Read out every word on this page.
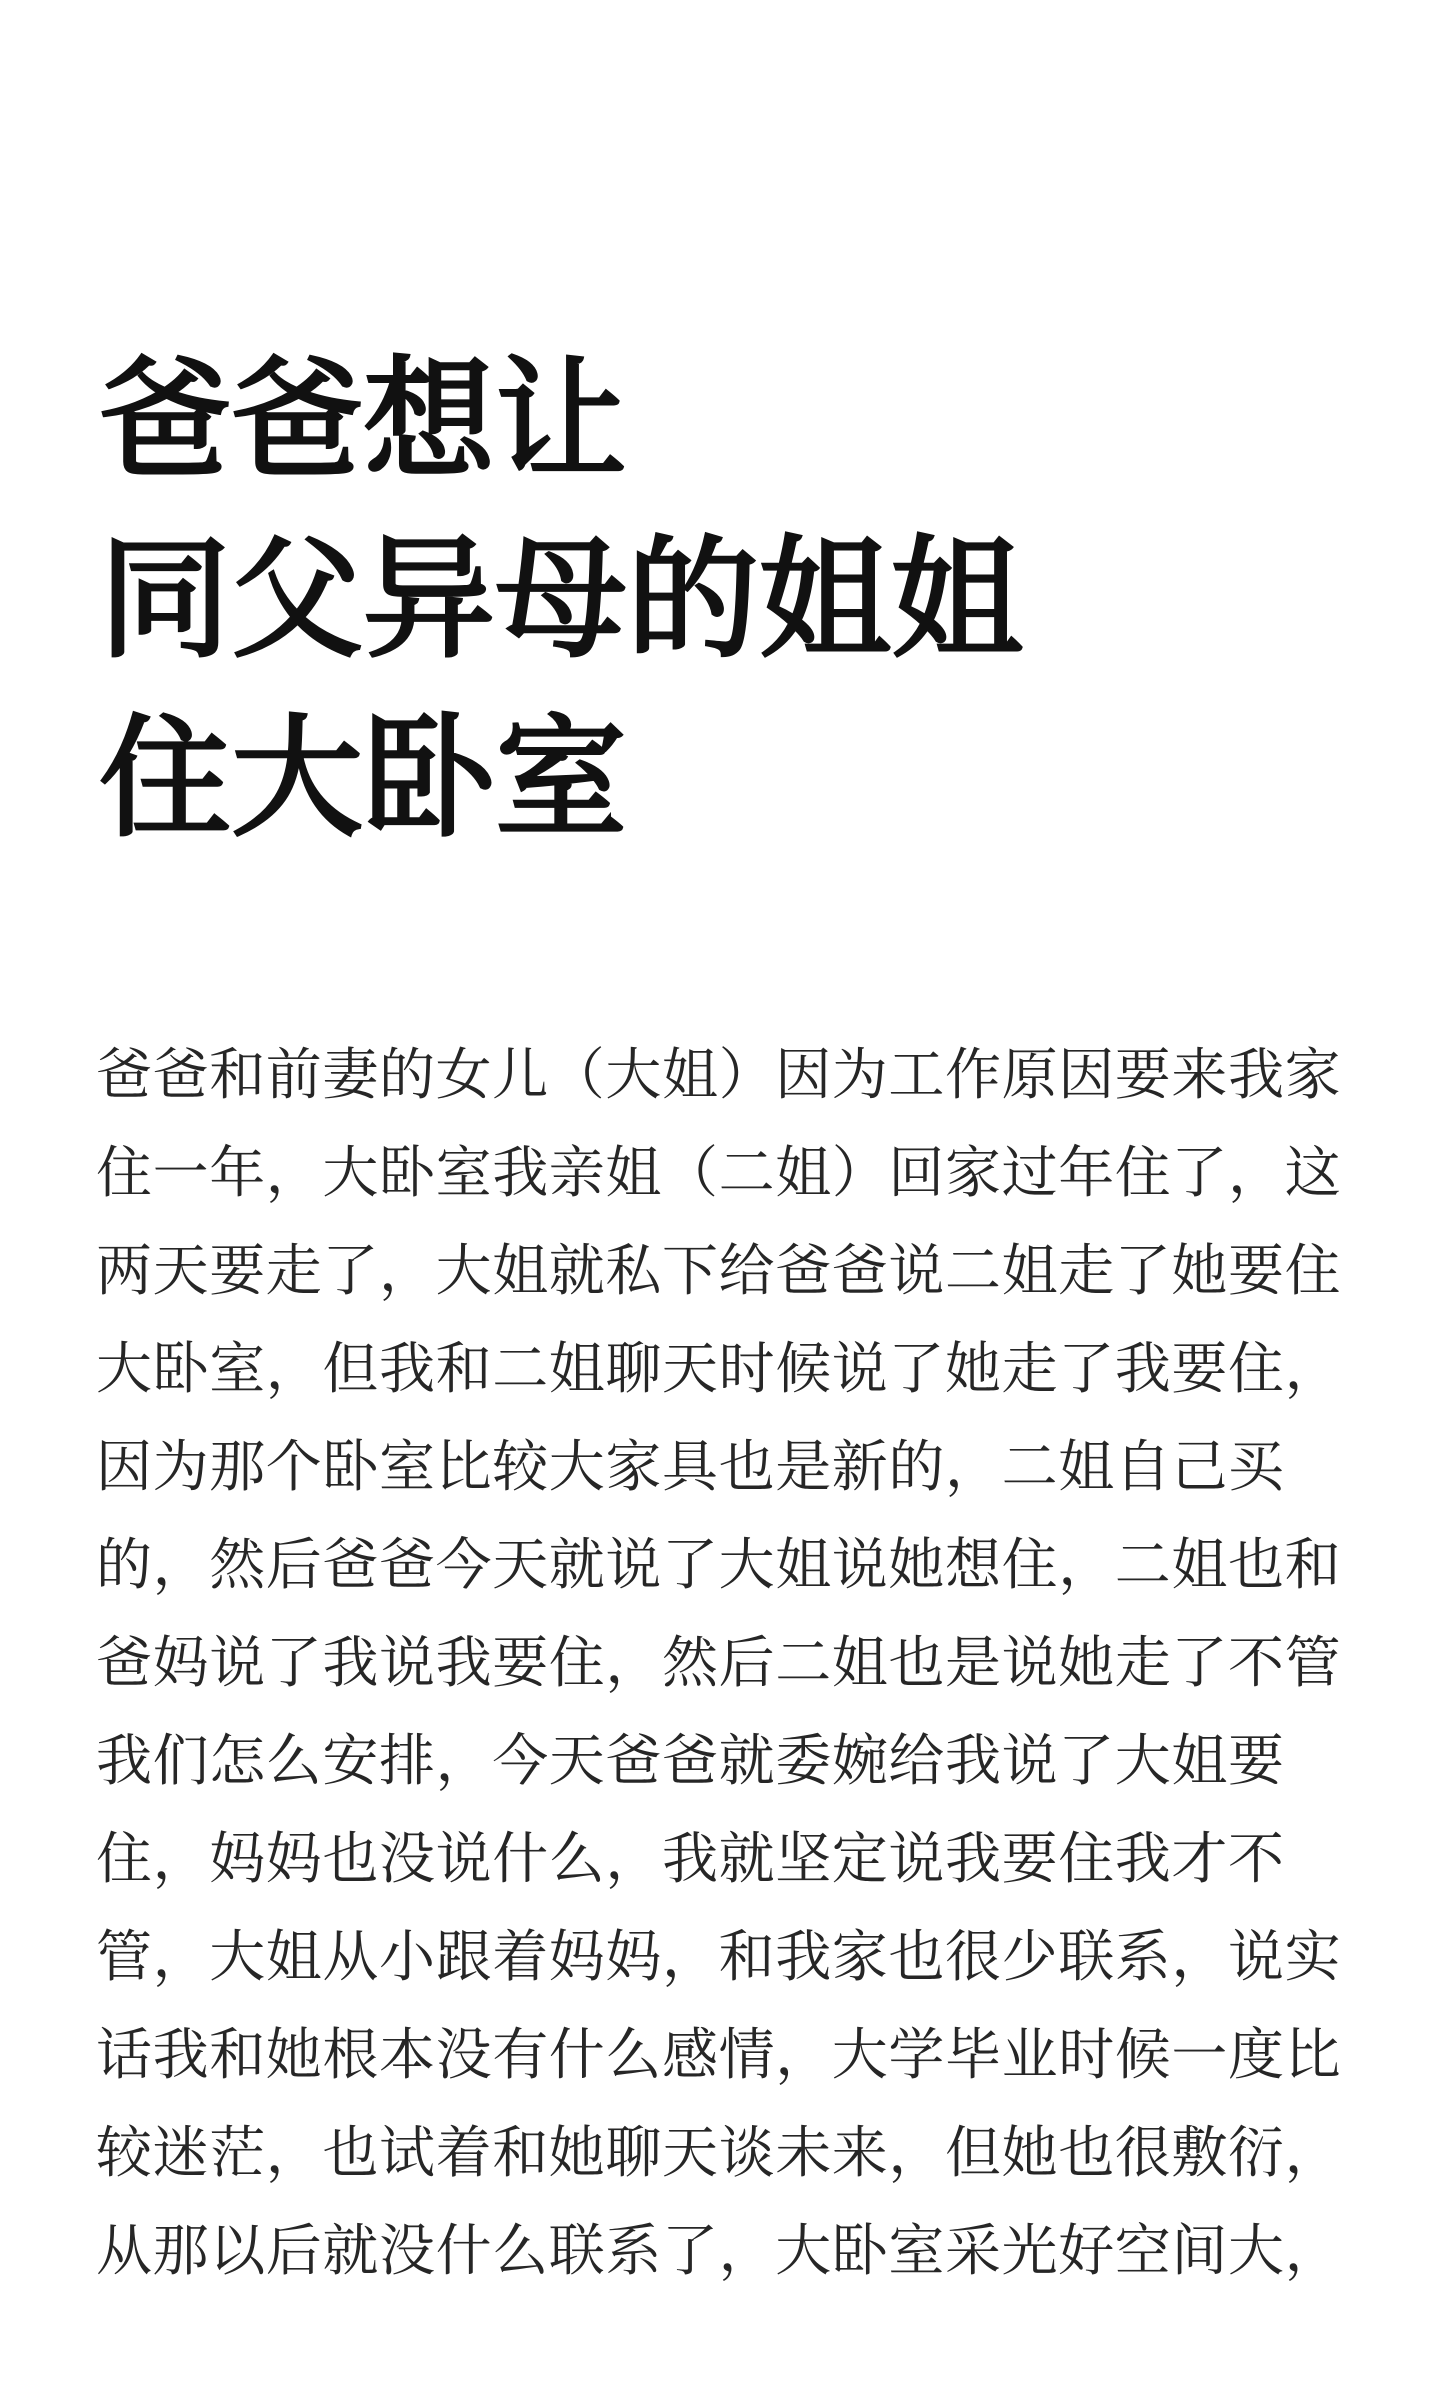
爸爸想让
同父异母的姐姐
住大卧室
爸爸和前妻的女儿（大姐）因为工作原因要来我家
住一年，大卧室我亲姐（二姐）回家过年住了，这
两天要走了，大姐就私下给爸爸说二姐走了她要住
大卧室，但我和二姐聊天时候说了她走了我要住，
因为那个卧室比较大家具也是新的，二姐自己买
的，然后爸爸今天就说了大姐说她想住，二姐也和
爸妈说了我说我要住，然后二姐也是说她走了不管
我们怎么安排，今天爸爸就委婉给我说了大姐要
住，妈妈也没说什么，我就坚定说我要住我才不
管，大姐从小跟着妈妈，和我家也很少联系，说实
话我和她根本没有什么感情，大学毕业时候一度比
较迷茫，也试着和她聊天谈未来，但她也很敷衍，
从那以后就没什么联系了，大卧室采光好空间大，
